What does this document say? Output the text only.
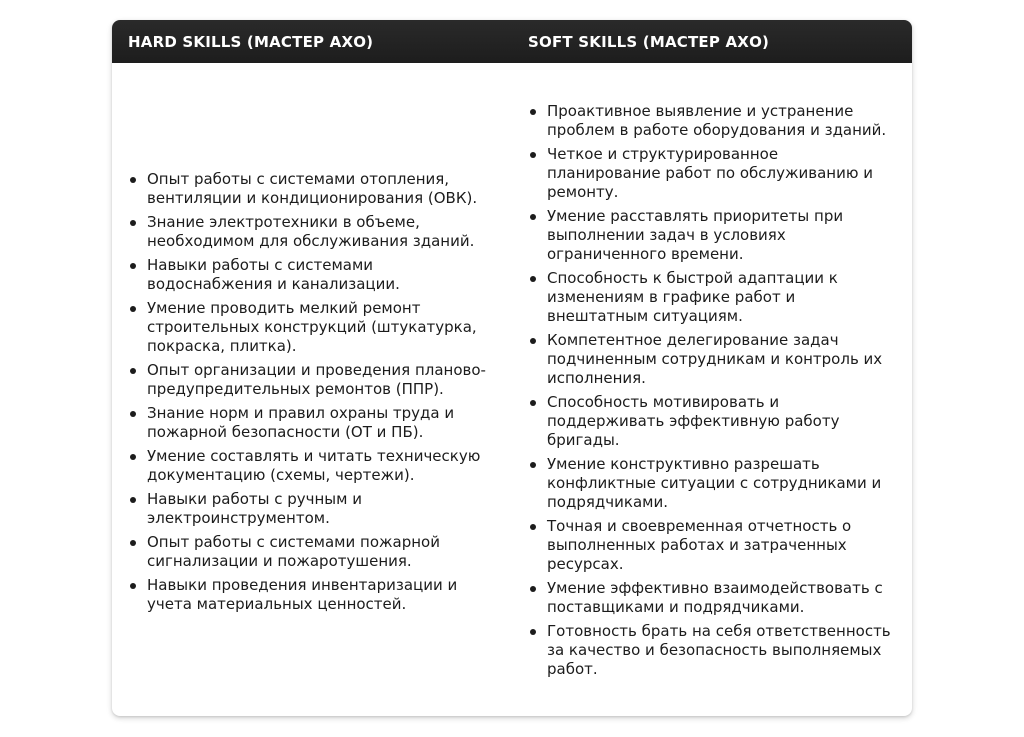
HARD SKILLS (МАСТЕР АХО)	SOFT SKILLS (МАСТЕР АХО)
Опыт работы с системами отопления, вентиляции и кондиционирования (ОВК).
Знание электротехники в объеме, необходимом для обслуживания зданий.
Навыки работы с системами водоснабжения и канализации.
Умение проводить мелкий ремонт строительных конструкций (штукатурка, покраска, плитка).
Опыт организации и проведения планово-предупредительных ремонтов (ППР).
Знание норм и правил охраны труда и пожарной безопасности (ОТ и ПБ).
Умение составлять и читать техническую документацию (схемы, чертежи).
Навыки работы с ручным и электроинструментом.
Опыт работы с системами пожарной сигнализации и пожаротушения.
Навыки проведения инвентаризации и учета материальных ценностей.
Проактивное выявление и устранение проблем в работе оборудования и зданий.
Четкое и структурированное планирование работ по обслуживанию и ремонту.
Умение расставлять приоритеты при выполнении задач в условиях ограниченного времени.
Способность к быстрой адаптации к изменениям в графике работ и внештатным ситуациям.
Компетентное делегирование задач подчиненным сотрудникам и контроль их исполнения.
Способность мотивировать и поддерживать эффективную работу бригады.
Умение конструктивно разрешать конфликтные ситуации с сотрудниками и подрядчиками.
Точная и своевременная отчетность о выполненных работах и затраченных ресурсах.
Умение эффективно взаимодействовать с поставщиками и подрядчиками.
Готовность брать на себя ответственность за качество и безопасность выполняемых работ.
